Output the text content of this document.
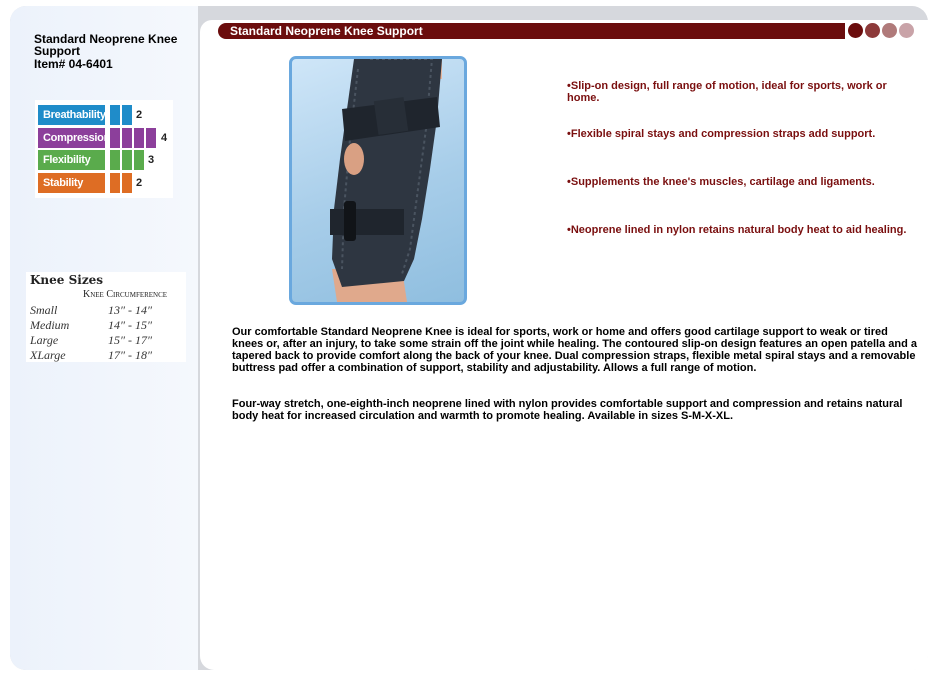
Standard Neoprene Knee Support
Item# 04-6401
Breathability	2
Compression	4
Flexibility	3
Stability	2
Knee Sizes
Knee Circumference
Small	13″ - 14″
Medium	14″ - 15″
Large	15″ - 17″
XLarge	17″ - 18″
Standard Neoprene Knee Support
•Slip-on design, full range of motion, ideal for sports, work or home.
•Flexible spiral stays and compression straps add support.
•Supplements the knee's muscles, cartilage and ligaments.
•Neoprene lined in nylon retains natural body heat to aid healing.
Our comfortable Standard Neoprene Knee is ideal for sports, work or home and offers good cartilage support to weak or tired knees or, after an injury, to take some strain off the joint while healing. The contoured slip-on design features an open patella and a tapered back to provide comfort along the back of your knee. Dual compression straps, flexible metal spiral stays and a removable buttress pad offer a combination of support, stability and adjustability. Allows a full range of motion.
Four-way stretch, one-eighth-inch neoprene lined with nylon provides comfortable support and compression and retains natural body heat for increased circulation and warmth to promote healing. Available in sizes S-M-X-XL.
